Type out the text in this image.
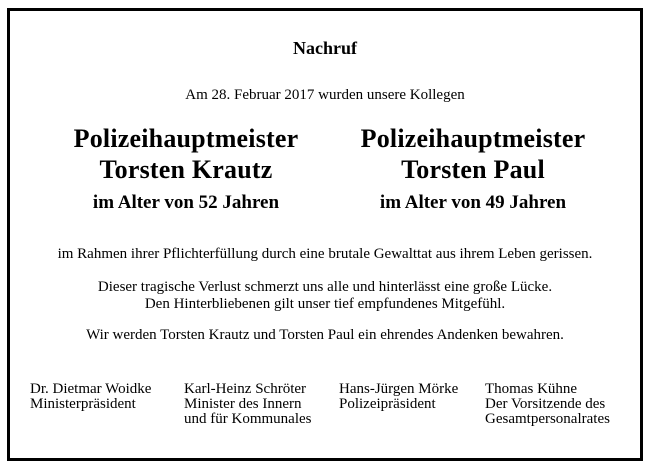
Nachruf
Am 28. Februar 2017 wurden unsere Kollegen
Polizeihauptmeister
Torsten Krautz
im Alter von 52 Jahren
Polizeihauptmeister
Torsten Paul
im Alter von 49 Jahren
im Rahmen ihrer Pflichterfüllung durch eine brutale Gewalttat aus ihrem Leben gerissen.
Dieser tragische Verlust schmerzt uns alle und hinterlässt eine große Lücke.
Den Hinterbliebenen gilt unser tief empfundenes Mitgefühl.
Wir werden Torsten Krautz und Torsten Paul ein ehrendes Andenken bewahren.
Dr. Dietmar Woidke
Ministerpräsident
Karl-Heinz Schröter
Minister des Innern
und für Kommunales
Hans-Jürgen Mörke
Polizeipräsident
Thomas Kühne
Der Vorsitzende des
Gesamtpersonalrates
